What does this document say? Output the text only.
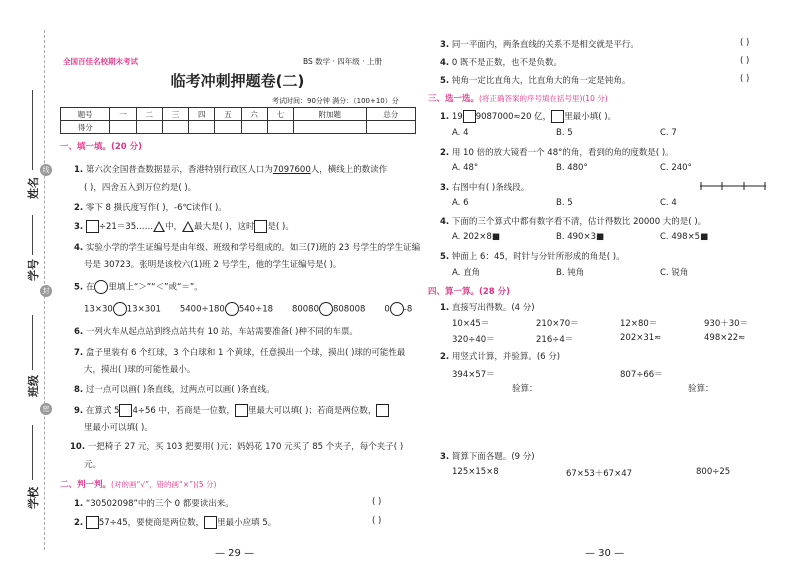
姓名
线
学号
封
班级
密
学校
全国百佳名校期末考试	BS 数学 · 四年级 · 上册
临考冲刺押题卷(二)
考试时间：90分钟 满分：（100+10）分
题号	一	二	三	四	五	六	七	附加题	总分
得分									
一、填一填。(20 分)
1. 第六次全国普查数据显示，香港特别行政区人口为7097600人，横线上的数读作
( )，四舍五入到万位约是( )。
2. 零下 8 摄氏度写作( )，-6℃读作( )。
3. ÷21＝35…… 中， 最大是( )，这时 是( )。
4. 实验小学的学生证编号是由年级、班级和学号组成的。如三(7)班的 23 号学生的学生证编
号是 30723。张明是该校六(1)班 2 号学生，他的学生证编号是( )。
5. 在 里填上“＞”“＜”或“＝”。
13×30 13×301 5400÷180 540÷18 80080 808008 0 -8
6. 一列火车从起点站到终点站共有 10 站，车站需要准备( )种不同的车票。
7. 盒子里装有 6 个红球，3 个白球和 1 个黄球，任意摸出一个球，摸出( )球的可能性最
大，摸出( )球的可能性最小。
8. 过一点可以画( )条直线，过两点可以画( )条直线。
9. 在算式 5 4÷56 中，若商是一位数， 里最大可以填( )；若商是两位数，
里最小可以填( )。
10. 一把椅子 27 元，买 103 把要用( )元；妈妈花 170 元买了 85 个夹子，每个夹子( )
元。
二、判一判。(对的画“√”，错的画“×”)(5 分)
1. “30502098”中的三个 0 都要读出来。	( )
2. 57÷45，要使商是两位数， 里最小应填 5。	( )
— 29 —
3. 同一平面内，两条直线的关系不是相交就是平行。	( )
4. 0 既不是正数，也不是负数。	( )
5. 钝角一定比直角大，比直角大的角一定是钝角。	( )
三、选一选。(将正确答案的序号填在括号里)(10 分)
1. 19 9087000≈20 亿， 里最小填( )。
A. 4	B. 5	C. 7
2. 用 10 倍的放大镜看一个 48°的角，看到的角的度数是( )。
A. 48°	B. 480°	C. 240°
3. 右图中有( )条线段。
A. 6	B. 5	C. 4
4. 下面的三个算式中都有数字看不清，估计得数比 20000 大的是( )。
A. 202×8■	B. 490×3■	C. 498×5■
5. 钟面上 6：45，时针与分针所形成的角是( )。
A. 直角	B. 钝角	C. 锐角
四、算一算。(28 分)
1. 直接写出得数。(4 分)
10×45＝	210×70＝	12×80＝	930＋30＝
320÷40＝	216÷4＝	202×31≈	498×22≈
2. 用竖式计算，并验算。(6 分)
394×57＝	807÷66＝
验算：	验算：
3. 简算下面各题。(9 分)
125×15×8	67×53＋67×47	800÷25
— 30 —
